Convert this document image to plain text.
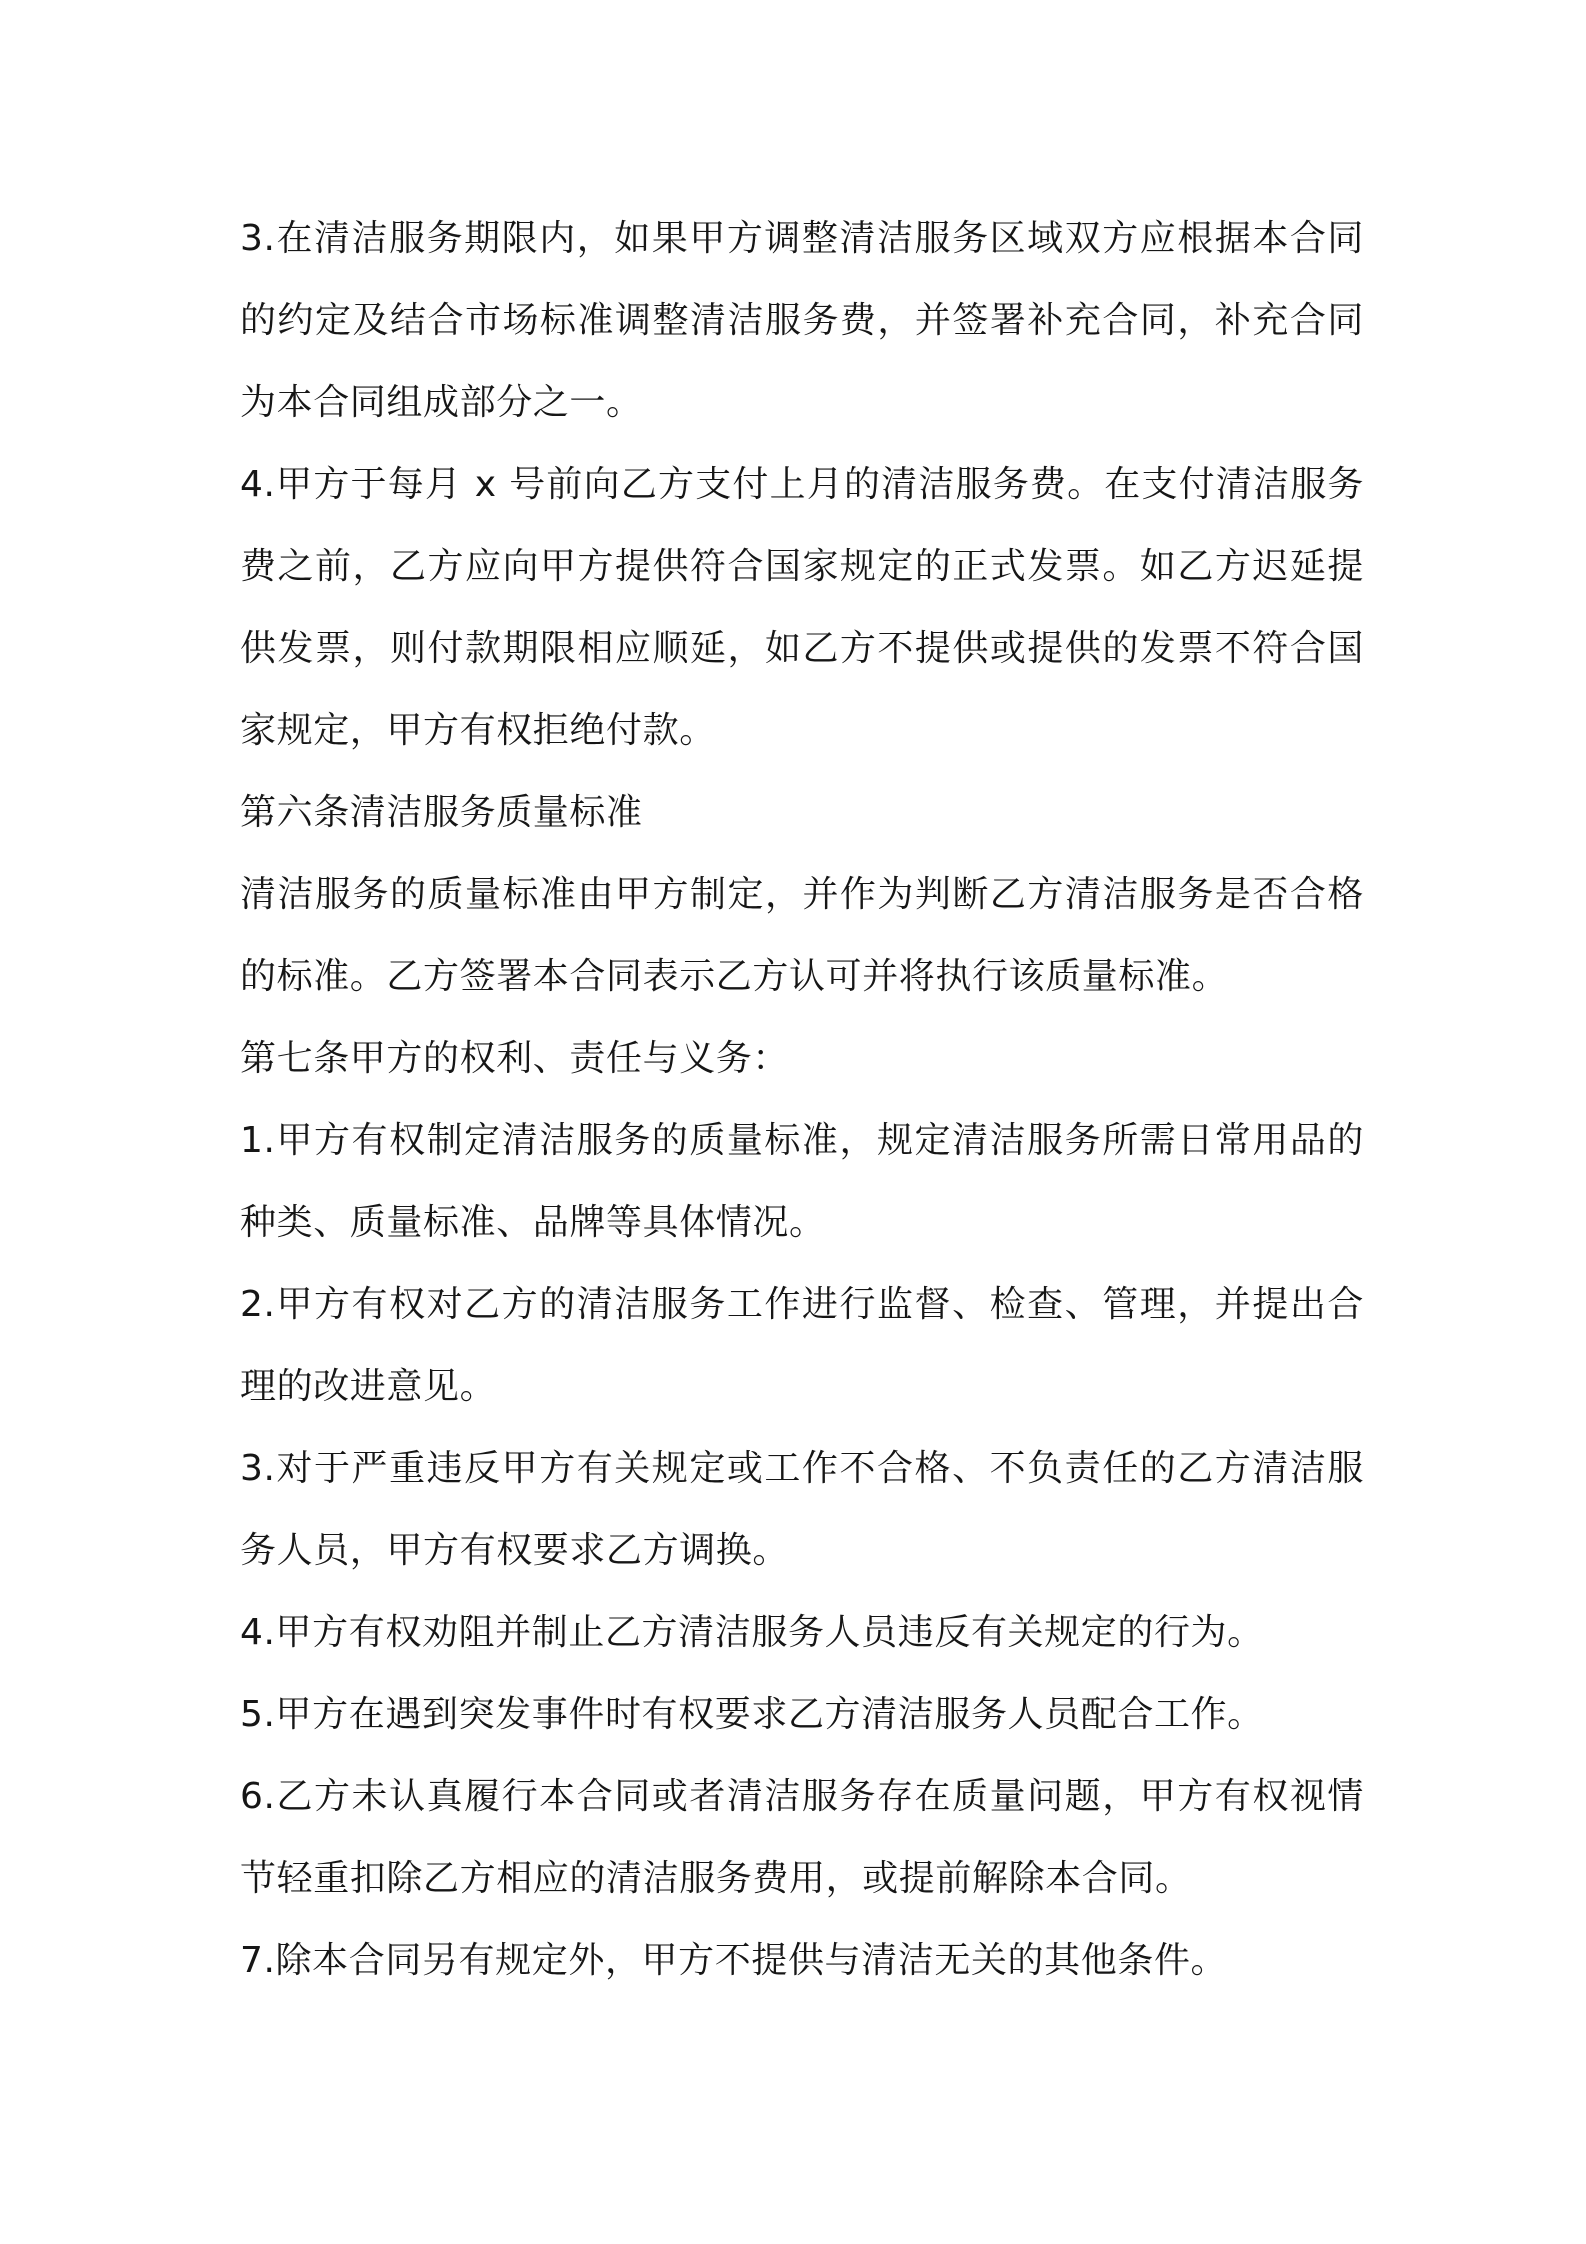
3.在清洁服务期限内，如果甲方调整清洁服务区域双方应根据本合同的约定及结合市场标准调整清洁服务费，并签署补充合同，补充合同为本合同组成部分之一。

4.甲方于每月 x 号前向乙方支付上月的清洁服务费。在支付清洁服务费之前，乙方应向甲方提供符合国家规定的正式发票。如乙方迟延提供发票，则付款期限相应顺延，如乙方不提供或提供的发票不符合国家规定，甲方有权拒绝付款。

第六条清洁服务质量标准

清洁服务的质量标准由甲方制定，并作为判断乙方清洁服务是否合格的标准。乙方签署本合同表示乙方认可并将执行该质量标准。

第七条甲方的权利、责任与义务：

1.甲方有权制定清洁服务的质量标准，规定清洁服务所需日常用品的种类、质量标准、品牌等具体情况。

2.甲方有权对乙方的清洁服务工作进行监督、检查、管理，并提出合理的改进意见。

3.对于严重违反甲方有关规定或工作不合格、不负责任的乙方清洁服务人员，甲方有权要求乙方调换。

4.甲方有权劝阻并制止乙方清洁服务人员违反有关规定的行为。

5.甲方在遇到突发事件时有权要求乙方清洁服务人员配合工作。

6.乙方未认真履行本合同或者清洁服务存在质量问题，甲方有权视情节轻重扣除乙方相应的清洁服务费用，或提前解除本合同。

7.除本合同另有规定外，甲方不提供与清洁无关的其他条件。
